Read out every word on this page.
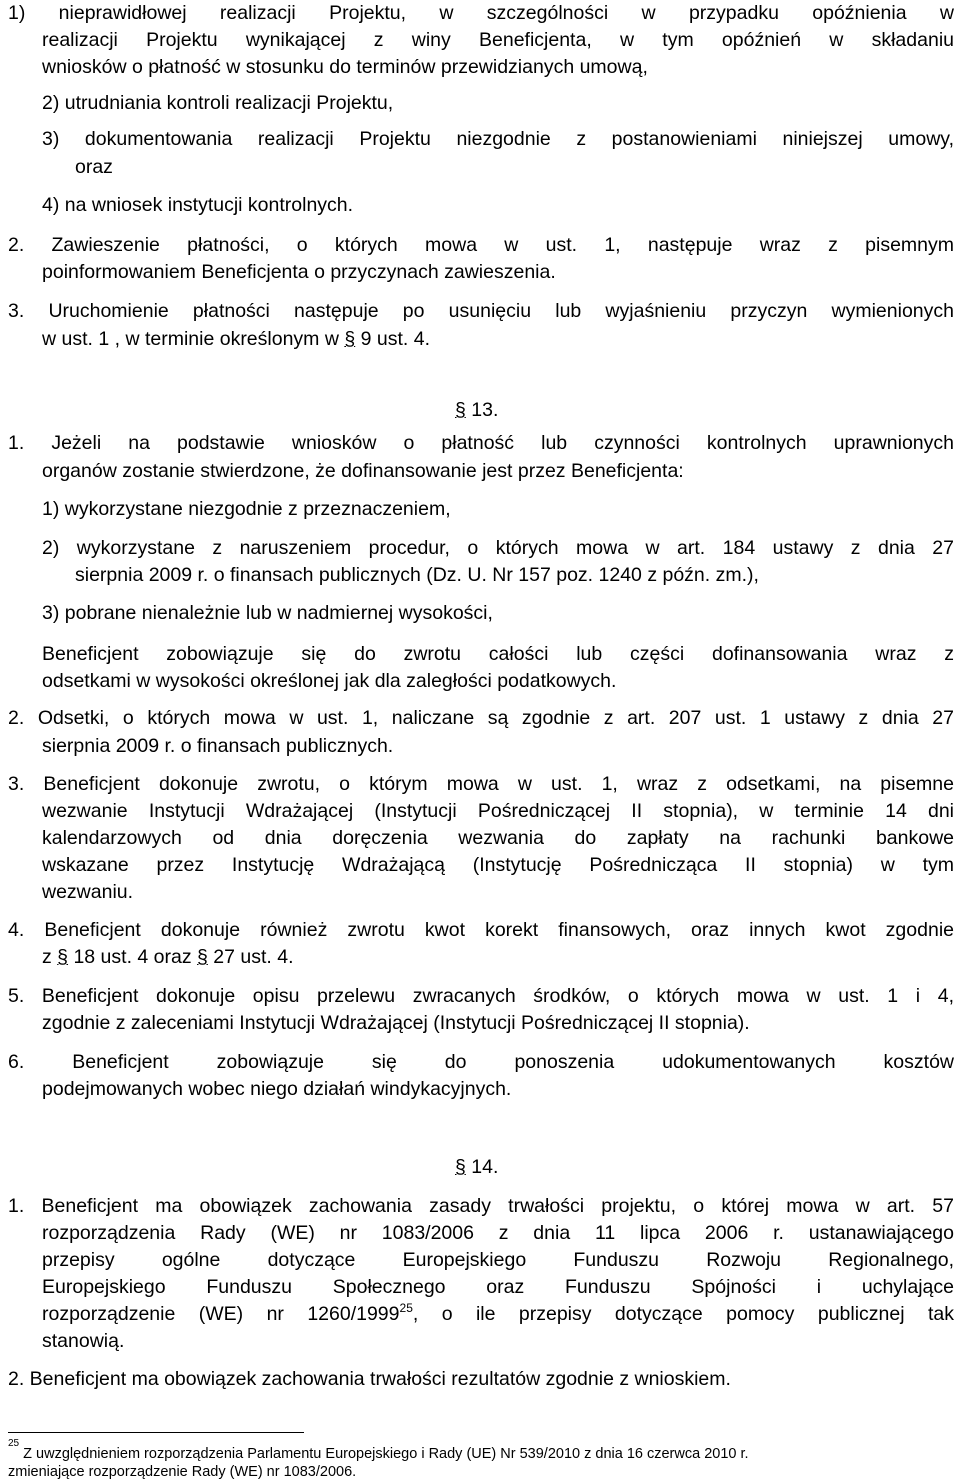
1) nieprawidłowej realizacji Projektu, w szczególności w przypadku opóźnienia w
realizacji Projektu wynikającej z winy Beneficjenta, w tym opóźnień w składaniu
wniosków o płatność w stosunku do terminów przewidzianych umową,
2) utrudniania kontroli realizacji Projektu,
3) dokumentowania realizacji Projektu niezgodnie z postanowieniami niniejszej umowy,
oraz
4) na wniosek instytucji kontrolnych.
2. Zawieszenie płatności, o których mowa w ust. 1, następuje wraz z pisemnym
poinformowaniem Beneficjenta o przyczynach zawieszenia.
3. Uruchomienie płatności następuje po usunięciu lub wyjaśnieniu przyczyn wymienionych
w ust. 1 , w terminie określonym w § 9 ust. 4.
§ 13.
1. Jeżeli na podstawie wniosków o płatność lub czynności kontrolnych uprawnionych
organów zostanie stwierdzone, że dofinansowanie jest przez Beneficjenta:
1) wykorzystane niezgodnie z przeznaczeniem,
2) wykorzystane z naruszeniem procedur, o których mowa w art. 184 ustawy z dnia 27
sierpnia 2009 r. o finansach publicznych (Dz. U. Nr 157 poz. 1240 z późn. zm.),
3) pobrane nienależnie lub w nadmiernej wysokości,
Beneficjent zobowiązuje się do zwrotu całości lub części dofinansowania wraz z
odsetkami w wysokości określonej jak dla zaległości podatkowych.
2. Odsetki, o których mowa w ust. 1, naliczane są zgodnie z art. 207 ust. 1 ustawy z dnia 27
sierpnia 2009 r. o finansach publicznych.
3. Beneficjent dokonuje zwrotu, o którym mowa w ust. 1, wraz z odsetkami, na pisemne
wezwanie Instytucji Wdrażającej (Instytucji Pośredniczącej II stopnia), w terminie 14 dni
kalendarzowych od dnia doręczenia wezwania do zapłaty na rachunki bankowe
wskazane przez Instytucję Wdrażającą (Instytucję Pośrednicząca II stopnia) w tym
wezwaniu.
4. Beneficjent dokonuje również zwrotu kwot korekt finansowych, oraz innych kwot zgodnie
z § 18 ust. 4 oraz § 27 ust. 4.
5. Beneficjent dokonuje opisu przelewu zwracanych środków, o których mowa w ust. 1 i 4,
zgodnie z zaleceniami Instytucji Wdrażającej (Instytucji Pośredniczącej II stopnia).
6. Beneficjent zobowiązuje się do ponoszenia udokumentowanych kosztów
podejmowanych wobec niego działań windykacyjnych.
§ 14.
1. Beneficjent ma obowiązek zachowania zasady trwałości projektu, o której mowa w art. 57
rozporządzenia Rady (WE) nr 1083/2006 z dnia 11 lipca 2006 r. ustanawiającego
przepisy ogólne dotyczące Europejskiego Funduszu Rozwoju Regionalnego,
Europejskiego Funduszu Społecznego oraz Funduszu Spójności i uchylające
rozporządzenie (WE) nr 1260/1999$^{25}$, o ile przepisy dotyczące pomocy publicznej tak
stanowią.
2. Beneficjent ma obowiązek zachowania trwałości rezultatów zgodnie z wnioskiem.
$^{25}$ Z uwzględnieniem rozporządzenia Parlamentu Europejskiego i Rady (UE) Nr 539/2010 z dnia 16 czerwca 2010 r.
zmieniające rozporządzenie Rady (WE) nr 1083/2006.
